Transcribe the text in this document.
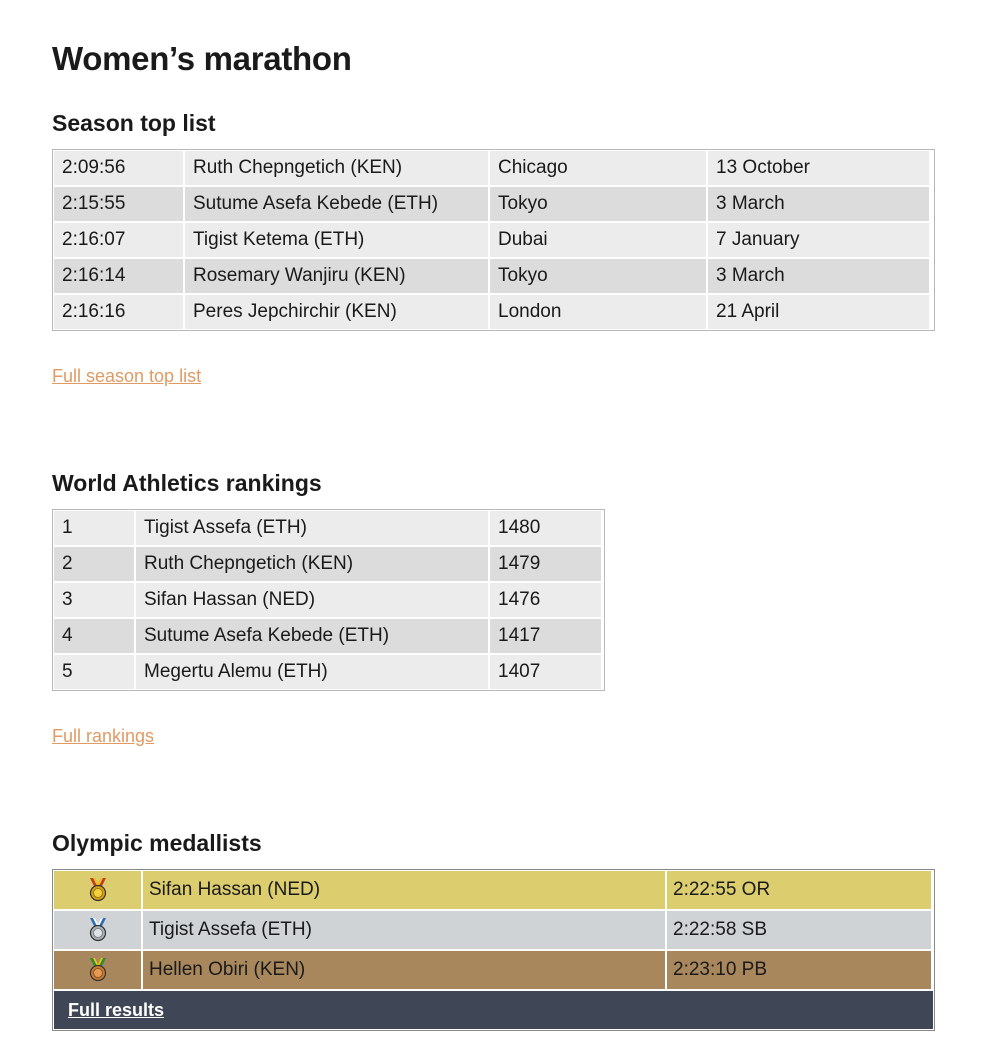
Women’s marathon
Season top list
2:09:56	Ruth Chepngetich (KEN)	Chicago	13 October
2:15:55	Sutume Asefa Kebede (ETH)	Tokyo	3 March
2:16:07	Tigist Ketema (ETH)	Dubai	7 January
2:16:14	Rosemary Wanjiru (KEN)	Tokyo	3 March
2:16:16	Peres Jepchirchir (KEN)	London	21 April
Full season top list
World Athletics rankings
1	Tigist Assefa (ETH)	1480
2	Ruth Chepngetich (KEN)	1479
3	Sifan Hassan (NED)	1476
4	Sutume Asefa Kebede (ETH)	1417
5	Megertu Alemu (ETH)	1407
Full rankings
Olympic medallists
Sifan Hassan (NED)	2:22:55 OR
Tigist Assefa (ETH)	2:22:58 SB
Hellen Obiri (KEN)	2:23:10 PB
Full results
